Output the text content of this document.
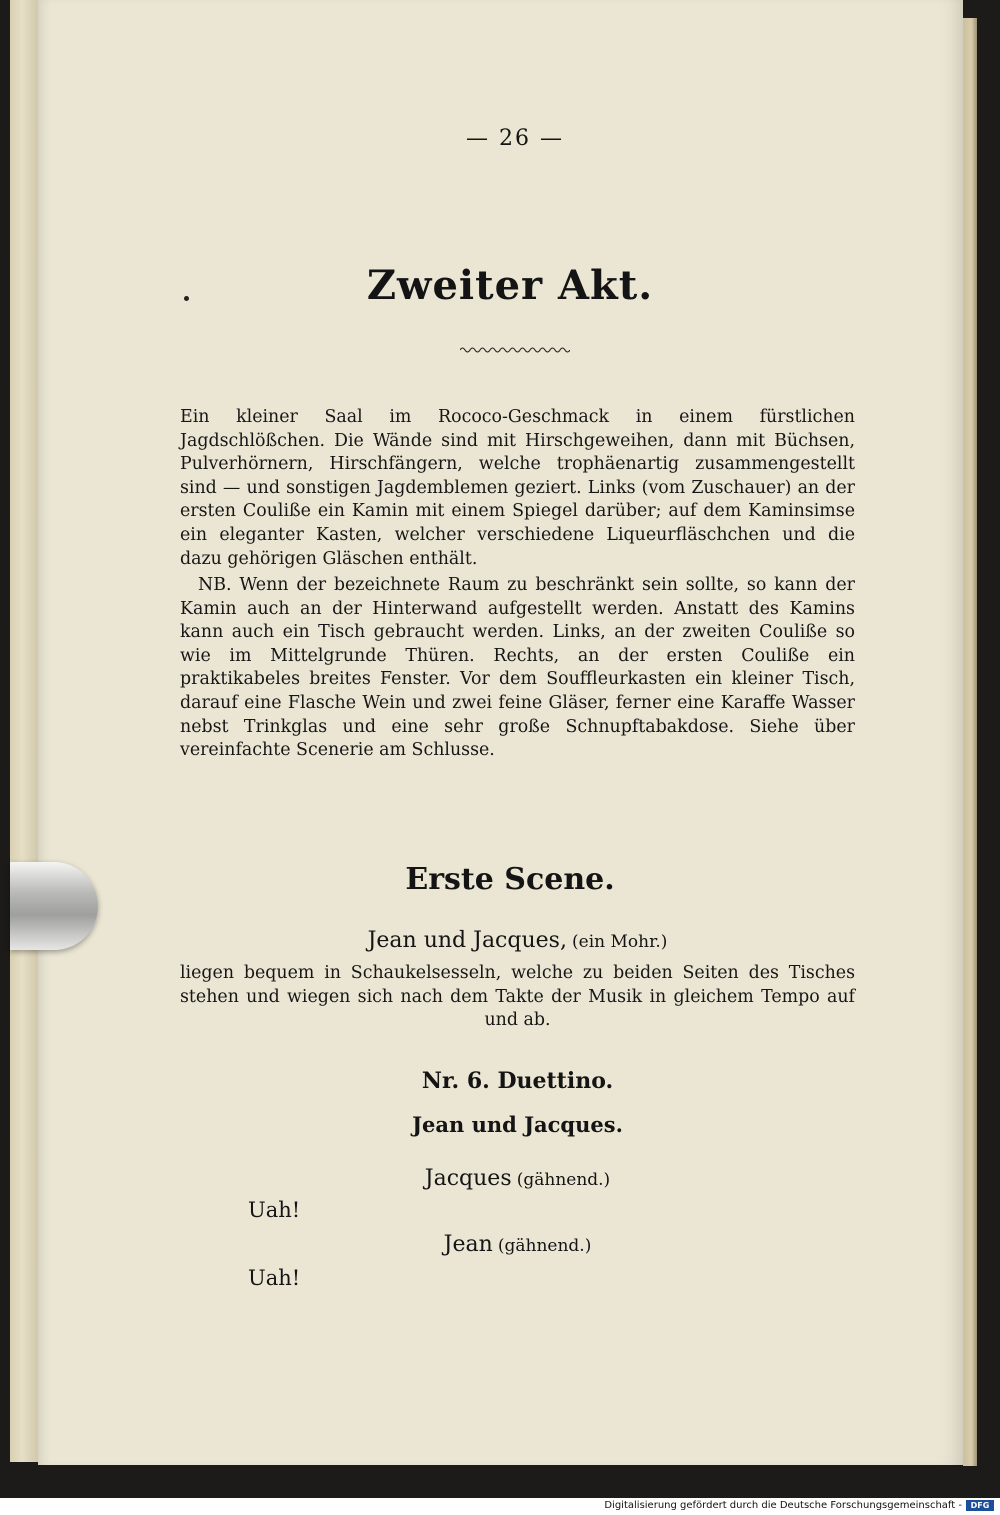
— 26 —
Zweiter Akt.
Ein kleiner Saal im Rococo-Geschmack in einem fürstlichen Jagdschlößchen. Die Wände sind mit Hirschgeweihen, dann mit Büchsen, Pulverhörnern, Hirschfängern, welche trophäenartig zusammengestellt sind — und sonstigen Jagdemblemen geziert. Links (vom Zuschauer) an der ersten Couliße ein Kamin mit einem Spiegel darüber; auf dem Kaminsimse ein eleganter Kasten, welcher verschiedene Liqueurfläschchen und die dazu gehörigen Gläschen enthält.
NB. Wenn der bezeichnete Raum zu beschränkt sein sollte, so kann der Kamin auch an der Hinterwand aufgestellt werden. Anstatt des Kamins kann auch ein Tisch gebraucht werden. Links, an der zweiten Couliße so wie im Mittelgrunde Thüren. Rechts, an der ersten Couliße ein praktikabeles breites Fenster. Vor dem Souffleurkasten ein kleiner Tisch, darauf eine Flasche Wein und zwei feine Gläser, ferner eine Karaffe Wasser nebst Trinkglas und eine sehr große Schnupftabakdose. Siehe über vereinfachte Scenerie am Schlusse.
Erste Scene.
Jean und Jacques, (ein Mohr.)
liegen bequem in Schaukelsesseln, welche zu beiden Seiten des Tisches stehen und wiegen sich nach dem Takte der Musik in gleichem Tempo auf und ab.
Nr. 6. Duettino.
Jean und Jacques.
Jacques (gähnend.)
Uah!
Jean (gähnend.)
Uah!
Digitalisierung gefördert durch die Deutsche Forschungsgemeinschaft -	DFG
